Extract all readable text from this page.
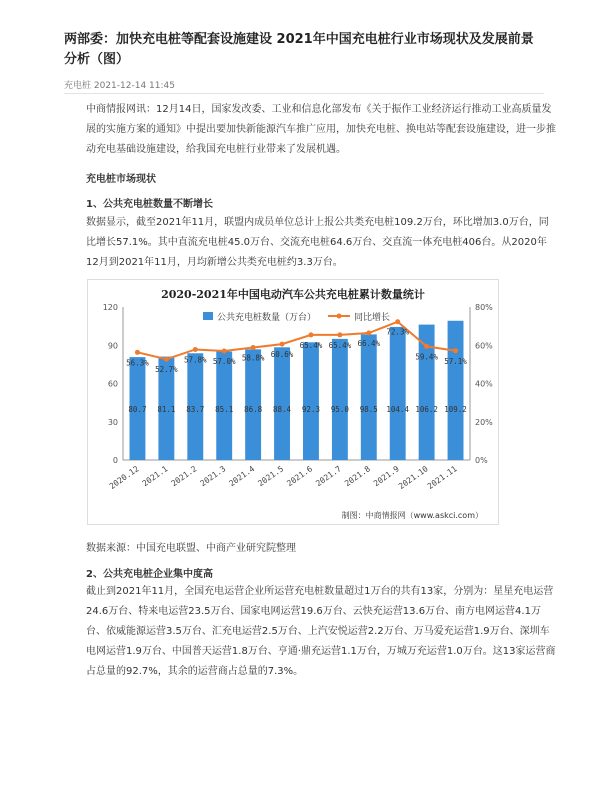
两部委：加快充电桩等配套设施建设 2021年中国充电桩行业市场现状及发展前景分析（图）
充电桩 2021-12-14 11:45
中商情报网讯：12月14日，国家发改委、工业和信息化部发布《关于振作工业经济运行推动工业高质量发展的实施方案的通知》中提出要加快新能源汽车推广应用，加快充电桩、换电站等配套设施建设，进一步推动充电基础设施建设，给我国充电桩行业带来了发展机遇。
充电桩市场现状
1、公共充电桩数量不断增长
数据显示，截至2021年11月，联盟内成员单位总计上报公共类充电桩109.2万台，环比增加3.0万台，同比增长57.1%。其中直流充电桩45.0万台、交流充电桩64.6万台、交直流一体充电桩406台。从2020年12月到2021年11月，月均新增公共类充电桩约3.3万台。
2020-2021年中国电动汽车公共充电桩累计数量统计
0
30
60
90
120
0%
20%
40%
60%
80%
80.7 81.1 83.7 85.1 86.8 88.4 92.3 95.0 98.5 104.4 106.2 109.2
56.3%
52.7%
57.8% 57.0% 58.8% 60.6%
65.4% 65.4% 66.4%
72.3%
59.4% 57.1%
2020.12 2021.1 2021.2 2021.3 2021.4 2021.5 2021.6 2021.7 2021.8 2021.9
2021.10
2021.11
公共充电桩数量（万台）	同比增长
制图：中商情报网（www.askci.com）
数据来源：中国充电联盟、中商产业研究院整理
2、公共充电桩企业集中度高
截止到2021年11月，全国充电运营企业所运营充电桩数量超过1万台的共有13家，分别为：星星充电运营24.6万台、特来电运营23.5万台、国家电网运营19.6万台、云快充运营13.6万台、南方电网运营4.1万台、依威能源运营3.5万台、汇充电运营2.5万台、上汽安悦运营2.2万台、万马爱充运营1.9万台、深圳车电网运营1.9万台、中国普天运营1.8万台、亨通·鼎充运营1.1万台，万城万充运营1.0万台。这13家运营商占总量的92.7%，其余的运营商占总量的7.3%。
